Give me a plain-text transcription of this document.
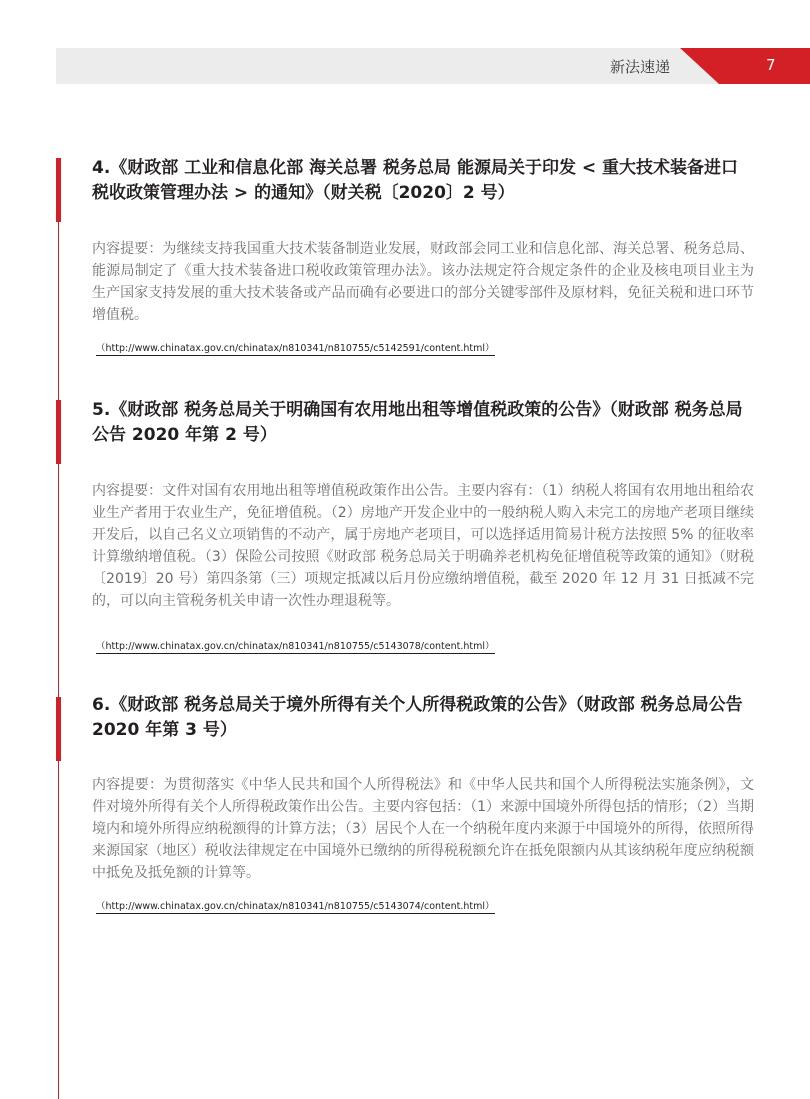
新法速递	7
4.《财政部 工业和信息化部 海关总署 税务总局 能源局关于印发 < 重大技术装备进口税收政策管理办法 > 的通知》（财关税〔2020〕2 号）
内容提要：为继续支持我国重大技术装备制造业发展，财政部会同工业和信息化部、海关总署、税务总局、能源局制定了《重大技术装备进口税收政策管理办法》。该办法规定符合规定条件的企业及核电项目业主为生产国家支持发展的重大技术装备或产品而确有必要进口的部分关键零部件及原材料，免征关税和进口环节增值税。
（http://www.chinatax.gov.cn/chinatax/n810341/n810755/c5142591/content.html）
5.《财政部 税务总局关于明确国有农用地出租等增值税政策的公告》（财政部 税务总局公告 2020 年第 2 号）
内容提要：文件对国有农用地出租等增值税政策作出公告。主要内容有：（1）纳税人将国有农用地出租给农业生产者用于农业生产，免征增值税。（2）房地产开发企业中的一般纳税人购入未完工的房地产老项目继续开发后，以自己名义立项销售的不动产，属于房地产老项目，可以选择适用简易计税方法按照 5% 的征收率计算缴纳增值税。（3）保险公司按照《财政部 税务总局关于明确养老机构免征增值税等政策的通知》（财税〔2019〕20 号）第四条第（三）项规定抵减以后月份应缴纳增值税，截至 2020 年 12 月 31 日抵减不完的，可以向主管税务机关申请一次性办理退税等。
（http://www.chinatax.gov.cn/chinatax/n810341/n810755/c5143078/content.html）
6.《财政部 税务总局关于境外所得有关个人所得税政策的公告》（财政部 税务总局公告 2020 年第 3 号）
内容提要：为贯彻落实《中华人民共和国个人所得税法》和《中华人民共和国个人所得税法实施条例》，文件对境外所得有关个人所得税政策作出公告。主要内容包括：（1）来源中国境外所得包括的情形；（2）当期境内和境外所得应纳税额得的计算方法；（3）居民个人在一个纳税年度内来源于中国境外的所得，依照所得来源国家（地区）税收法律规定在中国境外已缴纳的所得税税额允许在抵免限额内从其该纳税年度应纳税额中抵免及抵免额的计算等。
（http://www.chinatax.gov.cn/chinatax/n810341/n810755/c5143074/content.html）
